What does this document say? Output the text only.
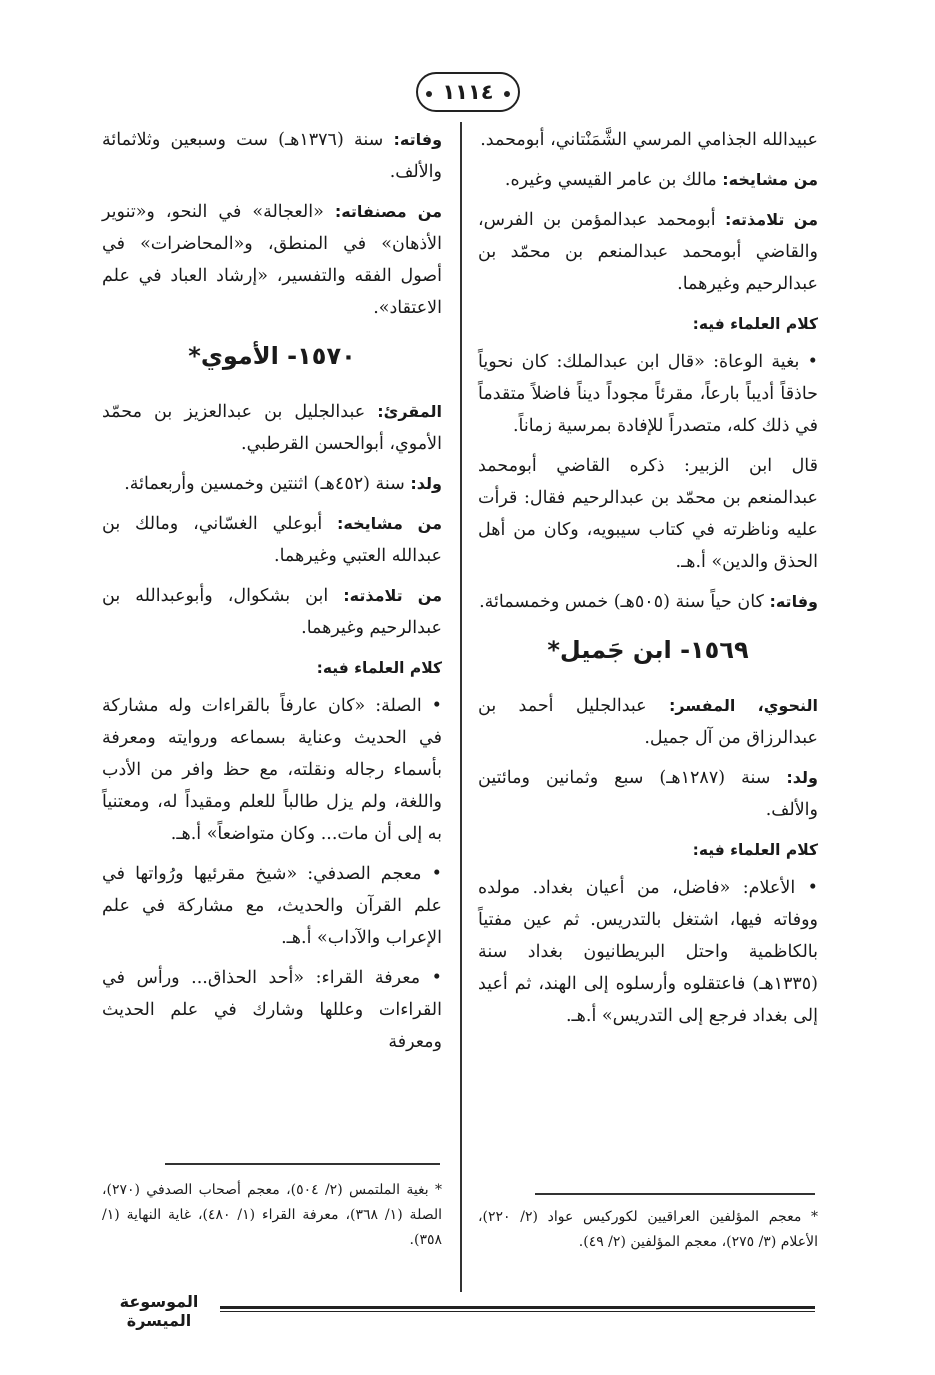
١١١٤

عبيدالله الجذامي المرسي الشَّمَنْتاني، أبومحمد.

من مشايخه: مالك بن عامر القيسي وغيره.

من تلامذته: أبومحمد عبدالمؤمن بن الفرس، والقاضي أبومحمد عبدالمنعم بن محمّد بن عبدالرحيم وغيرهما.

كلام العلماء فيه:

• بغية الوعاة: «قال ابن عبدالملك: كان نحوياً حاذقاً أديباً بارعاً، مقرئاً مجوداً ديناً فاضلاً متقدماً في ذلك كله، متصدراً للإفادة بمرسية زماناً.

قال ابن الزبير: ذكره القاضي أبومحمد عبدالمنعم بن محمّد بن عبدالرحيم فقال: قرأت عليه وناظرته في كتاب سيبويه، وكان من أهل الحذق والدين» أ.هـ.

وفاته: كان حياً سنة (٥٠٥هـ) خمس وخمسمائة.

١٥٦٩- ابن جَميل*

النحوي، المفسر: عبدالجليل أحمد بن عبدالرزاق من آل جميل.

ولد: سنة (١٢٨٧هـ) سبع وثمانين ومائتين والألف.

كلام العلماء فيه:

• الأعلام: «فاضل، من أعيان بغداد. مولده ووفاته فيها، اشتغل بالتدريس. ثم عين مفتياً بالكاظمية واحتل البريطانيون بغداد سنة (١٣٣٥هـ) فاعتقلوه وأرسلوه إلى الهند، ثم أعيد إلى بغداد فرجع إلى التدريس» أ.هـ.

* معجم المؤلفين العراقيين لكوركيس عواد (٢/ ٢٢٠)، الأعلام (٣/ ٢٧٥)، معجم المؤلفين (٢/ ٤٩).

وفاته: سنة (١٣٧٦هـ) ست وسبعين وثلاثمائة والألف.

من مصنفاته: «العجالة» في النحو، و«تنوير الأذهان» في المنطق، و«المحاضرات» في أصول الفقه والتفسير، «إرشاد العباد في علم الاعتقاد».

١٥٧٠- الأموي*

المقرئ: عبدالجليل بن عبدالعزيز بن محمّد الأموي، أبوالحسن القرطبي.

ولد: سنة (٤٥٢هـ) اثنتين وخمسين وأربعمائة.

من مشايخه: أبوعلي الغسّاني، ومالك بن عبدالله العتبي وغيرهما.

من تلامذته: ابن بشكوال، وأبوعبدالله بن عبدالرحيم وغيرهما.

كلام العلماء فيه:

• الصلة: «كان عارفاً بالقراءات وله مشاركة في الحديث وعناية بسماعه وروايته ومعرفة بأسماء رجاله ونقلته، مع حظ وافر من الأدب واللغة، ولم يزل طالباً للعلم ومقيداً له، ومعتنياً به إلى أن مات... وكان متواضعاً» أ.هـ.

• معجم الصدفي: «شيخ مقرئيها ورُواتها في علم القرآن والحديث، مع مشاركة في علم الإعراب والآداب» أ.هـ.

• معرفة القراء: «أحد الحذاق... ورأس في القراءات وعللها وشارك في علم الحديث ومعرفة

* بغية الملتمس (٢/ ٥٠٤)، معجم أصحاب الصدفي (٢٧٠)، الصلة (١/ ٣٦٨)، معرفة القراء (١/ ٤٨٠)، غاية النهاية (١/ ٣٥٨).

الموسوعة الميسرة
